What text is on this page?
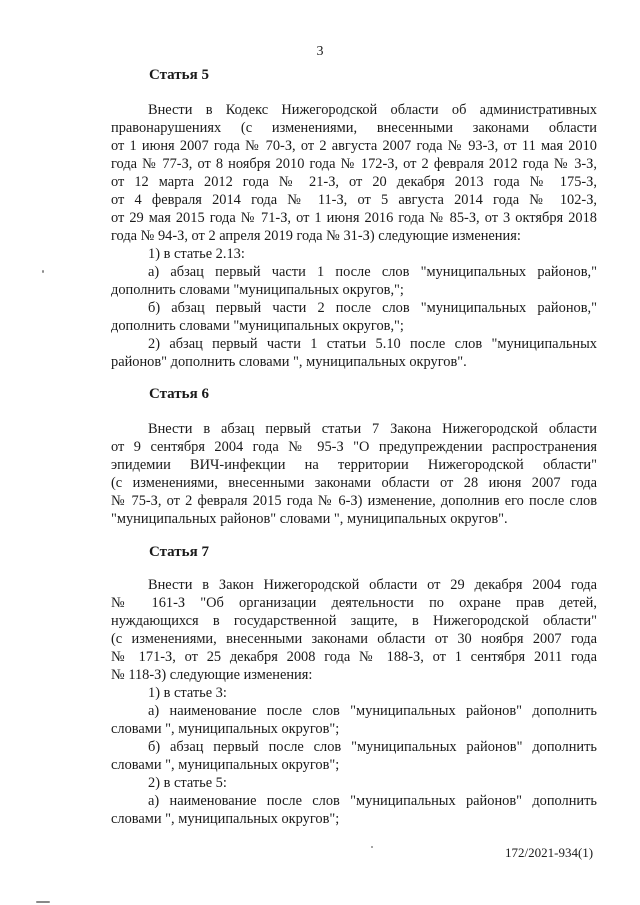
3
Статья 5
Внести в Кодекс Нижегородской области об административных
правонарушениях (с изменениями, внесенными законами области
от 1 июня 2007 года № 70-З, от 2 августа 2007 года № 93-З, от 11 мая 2010
года № 77-З, от 8 ноября 2010 года № 172-З, от 2 февраля 2012 года № 3-З,
от 12 марта 2012 года № 21-З, от 20 декабря 2013 года № 175-З,
от 4 февраля 2014 года № 11-З, от 5 августа 2014 года № 102-З,
от 29 мая 2015 года № 71-З, от 1 июня 2016 года № 85-З, от 3 октября 2018
года № 94-З, от 2 апреля 2019 года № 31-З) следующие изменения:
1) в статье 2.13:
а) абзац первый части 1 после слов "муниципальных районов,"
дополнить словами "муниципальных округов,";
б) абзац первый части 2 после слов "муниципальных районов,"
дополнить словами "муниципальных округов,";
2) абзац первый части 1 статьи 5.10 после слов "муниципальных
районов" дополнить словами ", муниципальных округов".
Статья 6
Внести в абзац первый статьи 7 Закона Нижегородской области
от 9 сентября 2004 года № 95-З "О предупреждении распространения
эпидемии ВИЧ-инфекции на территории Нижегородской области"
(с изменениями, внесенными законами области от 28 июня 2007 года
№ 75-З, от 2 февраля 2015 года № 6-З) изменение, дополнив его после слов
"муниципальных районов" словами ", муниципальных округов".
Статья 7
Внести в Закон Нижегородской области от 29 декабря 2004 года
№ 161-З "Об организации деятельности по охране прав детей,
нуждающихся в государственной защите, в Нижегородской области"
(с изменениями, внесенными законами области от 30 ноября 2007 года
№ 171-З, от 25 декабря 2008 года № 188-З, от 1 сентября 2011 года
№ 118-З) следующие изменения:
1) в статье 3:
а) наименование после слов "муниципальных районов" дополнить
словами ", муниципальных округов";
б) абзац первый после слов "муниципальных районов" дополнить
словами ", муниципальных округов";
2) в статье 5:
а) наименование после слов "муниципальных районов" дополнить
словами ", муниципальных округов";
172/2021-934(1)
